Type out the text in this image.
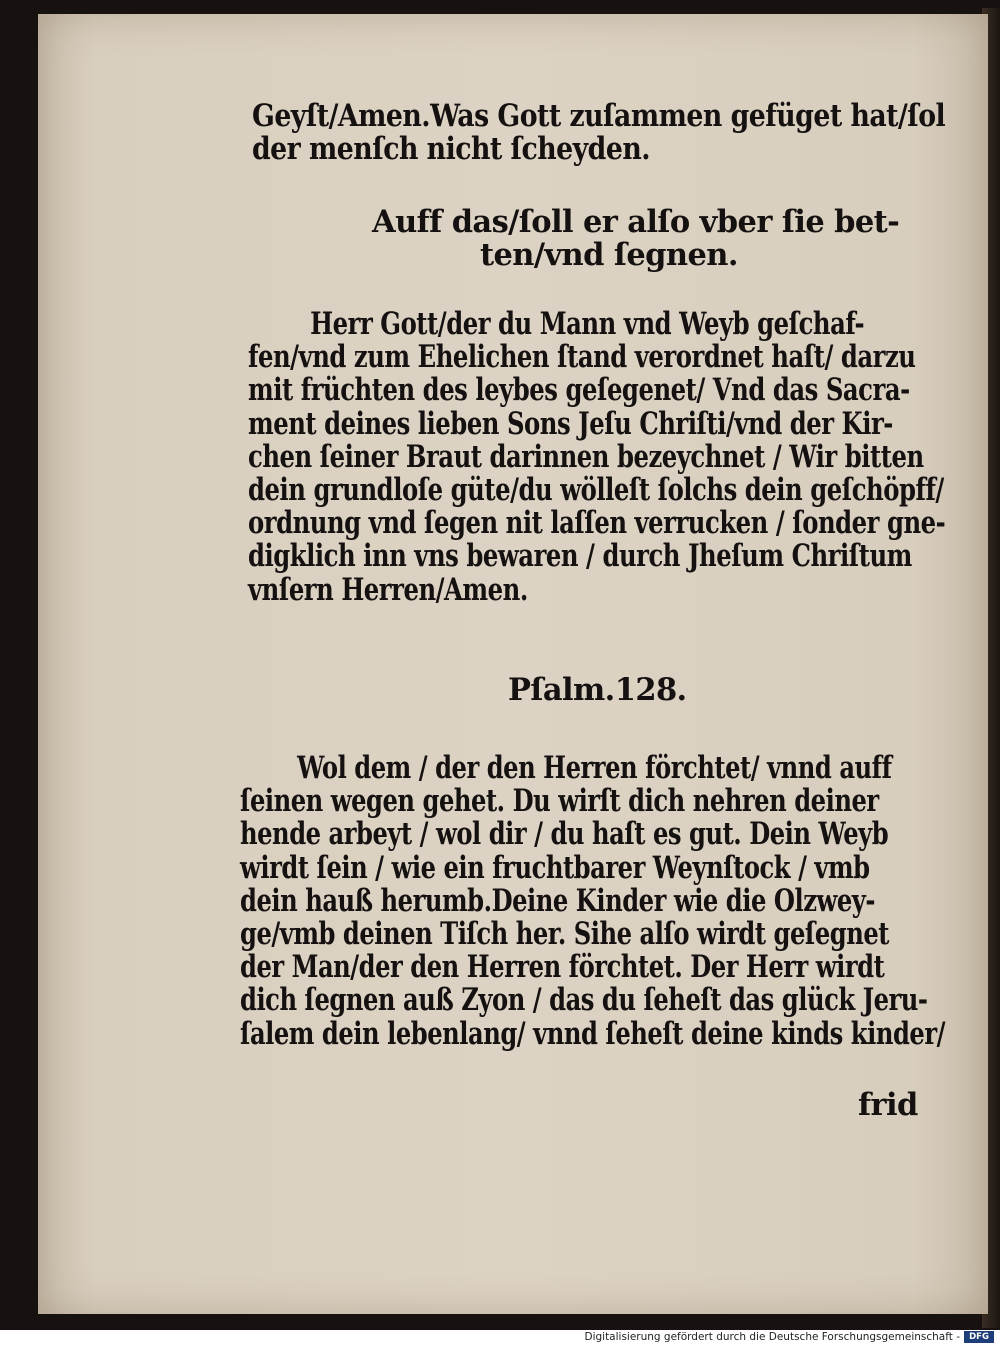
Geyſt/Amen.Was Gott zuſammen gefüget hat/ſol
der menſch nicht ſcheyden.
Auff das/ſoll er alſo vber ſie bet-
ten/vnd ſegnen.
Herr Gott/der du Mann vnd Weyb geſchaf-
fen/vnd zum Ehelichen ſtand verordnet haſt/ darzu
mit früchten des leybes geſegenet/ Vnd das Sacra-
ment deines lieben Sons Jeſu Chriſti/vnd der Kir-
chen ſeiner Braut darinnen bezeychnet / Wir bitten
dein grundloſe güte/du wölleſt ſolchs dein geſchöpff/
ordnung vnd ſegen nit laſſen verrucken / ſonder gne-
digklich inn vns bewaren / durch Jheſum Chriſtum
vnſern Herren/Amen.
Pſalm.128.
Wol dem / der den Herren förchtet/ vnnd auff
ſeinen wegen gehet. Du wirſt dich nehren deiner
hende arbeyt / wol dir / du haſt es gut. Dein Weyb
wirdt ſein / wie ein fruchtbarer Weynſtock / vmb
dein hauß herumb.Deine Kinder wie die Olzwey-
ge/vmb deinen Tiſch her. Sihe alſo wirdt geſegnet
der Man/der den Herren förchtet. Der Herr wirdt
dich ſegnen auß Zyon / das du ſeheſt das glück Jeru-
ſalem dein lebenlang/ vnnd ſeheſt deine kinds kinder/
frid
Digitalisierung gefördert durch die Deutsche Forschungsgemeinschaft -	DFG
